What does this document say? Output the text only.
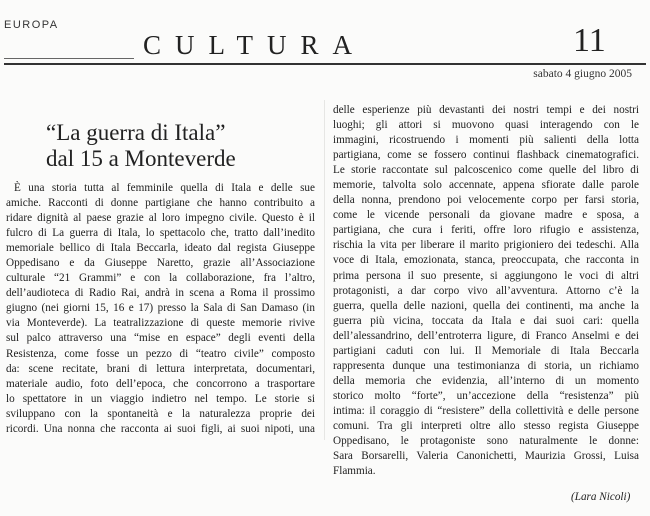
EUROPA
CULTURA	11
sabato 4 giugno 2005
“La guerra di Itala”
dal 15 a Monteverde
È una storia tutta al femminile quella di Itala e delle sue
amiche. Racconti di donne partigiane che hanno contribuito a
ridare dignità al paese grazie al loro impegno civile. Questo è il
fulcro di La guerra di Itala, lo spettacolo che, tratto dall’inedito
memoriale bellico di Itala Beccarla, ideato dal regista Giuseppe
Oppedisano e da Giuseppe Naretto, grazie all’Associazione
culturale “21 Grammi” e con la collaborazione, fra l’altro,
dell’audioteca di Radio Rai, andrà in scena a Roma il prossimo
giugno (nei giorni 15, 16 e 17) presso la Sala di San Damaso (in
via Monteverde). La teatralizzazione di queste memorie rivive
sul palco attraverso una “mise en espace” degli eventi della
Resistenza, come fosse un pezzo di “teatro civile” composto
da: scene recitate, brani di lettura interpretata, documentari,
materiale audio, foto dell’epoca, che concorrono a trasportare
lo spettatore in un viaggio indietro nel tempo. Le storie si
sviluppano con la spontaneità e la naturalezza proprie dei
ricordi. Una nonna che racconta ai suoi figli, ai suoi nipoti, una
delle esperienze più devastanti dei nostri tempi e dei nostri
luoghi; gli attori si muovono quasi interagendo con le
immagini, ricostruendo i momenti più salienti della lotta
partigiana, come se fossero continui flashback cinematografici.
Le storie raccontate sul palcoscenico come quelle del libro di
memorie, talvolta solo accennate, appena sfiorate dalle parole
della nonna, prendono poi velocemente corpo per farsi storia,
come le vicende personali da giovane madre e sposa, a
partigiana, che cura i feriti, offre loro rifugio e assistenza,
rischia la vita per liberare il marito prigioniero dei tedeschi. Alla
voce di Itala, emozionata, stanca, preoccupata, che racconta in
prima persona il suo presente, si aggiungono le voci di altri
protagonisti, a dar corpo vivo all’avventura. Attorno c’è la
guerra, quella delle nazioni, quella dei continenti, ma anche la
guerra più vicina, toccata da Itala e dai suoi cari: quella
dell’alessandrino, dell’entroterra ligure, di Franco Anselmi e dei
partigiani caduti con lui. Il Memoriale di Itala Beccarla
rappresenta dunque una testimonianza di storia, un richiamo
della memoria che evidenzia, all’interno di un momento
storico molto “forte”, un’accezione della “resistenza” più
intima: il coraggio di “resistere” della collettività e delle persone
comuni. Tra gli interpreti oltre allo stesso regista Giuseppe
Oppedisano, le protagoniste sono naturalmente le donne:
Sara Borsarelli, Valeria Canonichetti, Maurizia Grossi, Luisa
Flammia.
(Lara Nicoli)
